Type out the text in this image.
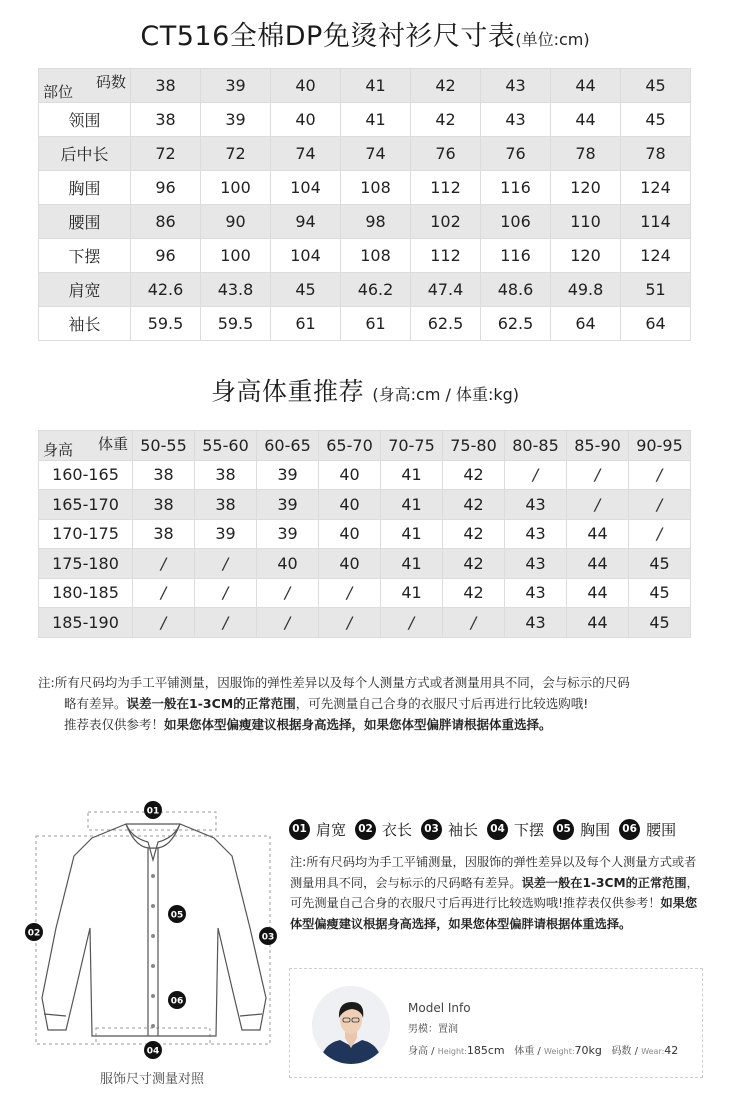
CT516全棉DP免烫衬衫尺寸表(单位:cm)
码数
部位	38	39	40	41	42	43	44	45
领围	38	39	40	41	42	43	44	45
后中长	72	72	74	74	76	76	78	78
胸围	96	100	104	108	112	116	120	124
腰围	86	90	94	98	102	106	110	114
下摆	96	100	104	108	112	116	120	124
肩宽	42.6	43.8	45	46.2	47.4	48.6	49.8	51
袖长	59.5	59.5	61	61	62.5	62.5	64	64
身高体重推荐 (身高:cm / 体重:kg)
体重
身高	50-55	55-60	60-65	65-70	70-75	75-80	80-85	85-90	90-95
160-165	38	38	39	40	41	42	/	/	/
165-170	38	38	39	40	41	42	43	/	/
170-175	38	39	39	40	41	42	43	44	/
175-180	/	/	40	40	41	42	43	44	45
180-185	/	/	/	/	41	42	43	44	45
185-190	/	/	/	/	/	/	43	44	45

注:所有尺码均为手工平铺测量，因服饰的弹性差异以及每个人测量方式或者测量用具不同，会与标示的尺码

略有差异。误差一般在1-3CM的正常范围，可先测量自己合身的衣服尺寸后再进行比较选购哦!

推荐表仅供参考！如果您体型偏瘦建议根据身高选择，如果您体型偏胖请根据体重选择。

01
02	03
04
05
06
服饰尺寸测量对照
01 肩宽	02 衣长	03 袖长	04 下摆	05 胸围	06 腰围
注:所有尺码均为手工平铺测量，因服饰的弹性差异以及每个人测量方式或者测量用具不同，会与标示的尺码略有差异。误差一般在1-3CM的正常范围，可先测量自己合身的衣服尺寸后再进行比较选购哦!推荐表仅供参考！如果您体型偏瘦建议根据身高选择，如果您体型偏胖请根据体重选择。
Model Info
男模：置润
身高 / Height:185cm 体重 / Weight:70kg 码数 / Wear:42
